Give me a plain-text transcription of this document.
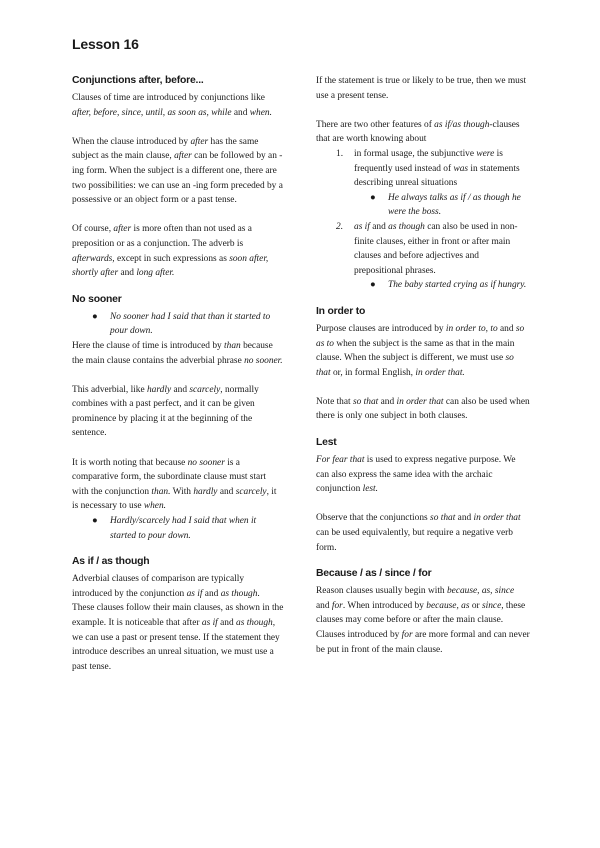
Lesson 16
Conjunctions after, before...

Clauses of time are introduced by conjunctions like after, before, since, until, as soon as, while and when.

When the clause introduced by after has the same subject as the main clause, after can be followed by an -ing form. When the subject is a different one, there are two possibilities: we can use an -ing form preceded by a possessive or an object form or a past tense.

Of course, after is more often than not used as a preposition or as a conjunction. The adverb is afterwards, except in such expressions as soon after, shortly after and long after.

No sooner
● No sooner had I said that than it started to pour down.

Here the clause of time is introduced by than because the main clause contains the adverbial phrase no sooner.

This adverbial, like hardly and scarcely, normally combines with a past perfect, and it can be given prominence by placing it at the beginning of the sentence.

It is worth noting that because no sooner is a comparative form, the subordinate clause must start with the conjunction than. With hardly and scarcely, it is necessary to use when.

● Hardly/scarcely had I said that when it started to pour down.
As if / as though

Adverbial clauses of comparison are typically introduced by the conjunction as if and as though. These clauses follow their main clauses, as shown in the example. It is noticeable that after as if and as though, we can use a past or present tense. If the statement they introduce describes an unreal situation, we must use a past tense.

If the statement is true or likely to be true, then we must use a present tense.

There are two other features of as if/as though-clauses that are worth knowing about

1. in formal usage, the subjunctive were is frequently used instead of was in statements describing unreal situations
● He always talks as if / as though he were the boss.
2. as if and as though can also be used in non-finite clauses, either in front or after main clauses and before adjectives and prepositional phrases.
● The baby started crying as if hungry.
In order to

Purpose clauses are introduced by in order to, to and so as to when the subject is the same as that in the main clause. When the subject is different, we must use so that or, in formal English, in order that.

Note that so that and in order that can also be used when there is only one subject in both clauses.

Lest

For fear that is used to express negative purpose. We can also express the same idea with the archaic conjunction lest.

Observe that the conjunctions so that and in order that can be used equivalently, but require a negative verb form.

Because / as / since / for

Reason clauses usually begin with because, as, since and for. When introduced by because, as or since, these clauses may come before or after the main clause. Clauses introduced by for are more formal and can never be put in front of the main clause.
